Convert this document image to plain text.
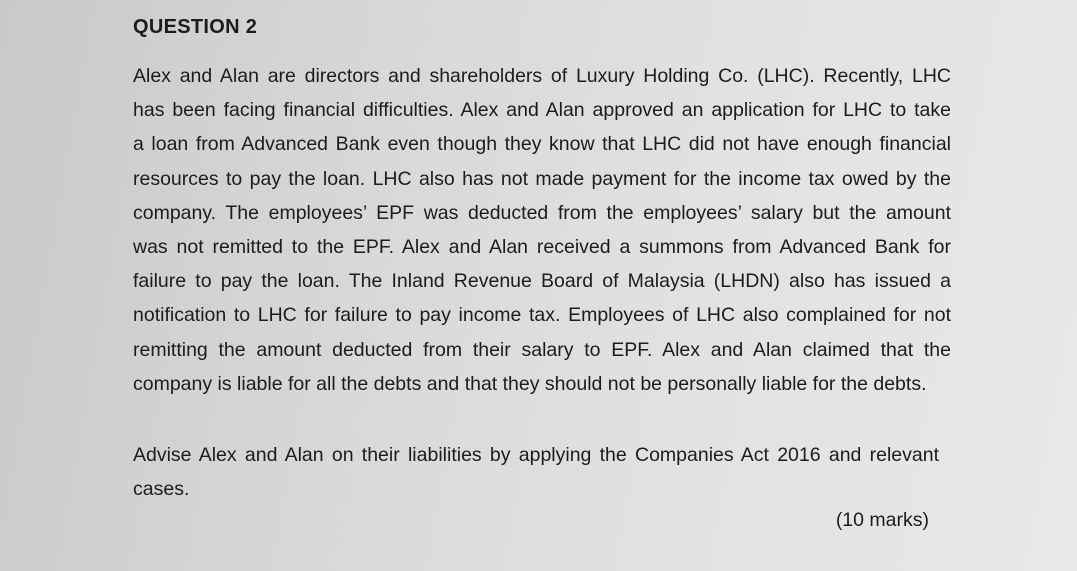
QUESTION 2
Alex and Alan are directors and shareholders of Luxury Holding Co. (LHC). Recently, LHC
has been facing financial difficulties. Alex and Alan approved an application for LHC to take
a loan from Advanced Bank even though they know that LHC did not have enough financial
resources to pay the loan. LHC also has not made payment for the income tax owed by the
company. The employees’ EPF was deducted from the employees’ salary but the amount
was not remitted to the EPF. Alex and Alan received a summons from Advanced Bank for
failure to pay the loan. The Inland Revenue Board of Malaysia (LHDN) also has issued a
notification to LHC for failure to pay income tax. Employees of LHC also complained for not
remitting the amount deducted from their salary to EPF. Alex and Alan claimed that the
company is liable for all the debts and that they should not be personally liable for the debts.
Advise Alex and Alan on their liabilities by applying the Companies Act 2016 and relevant
cases.

(10 marks)
